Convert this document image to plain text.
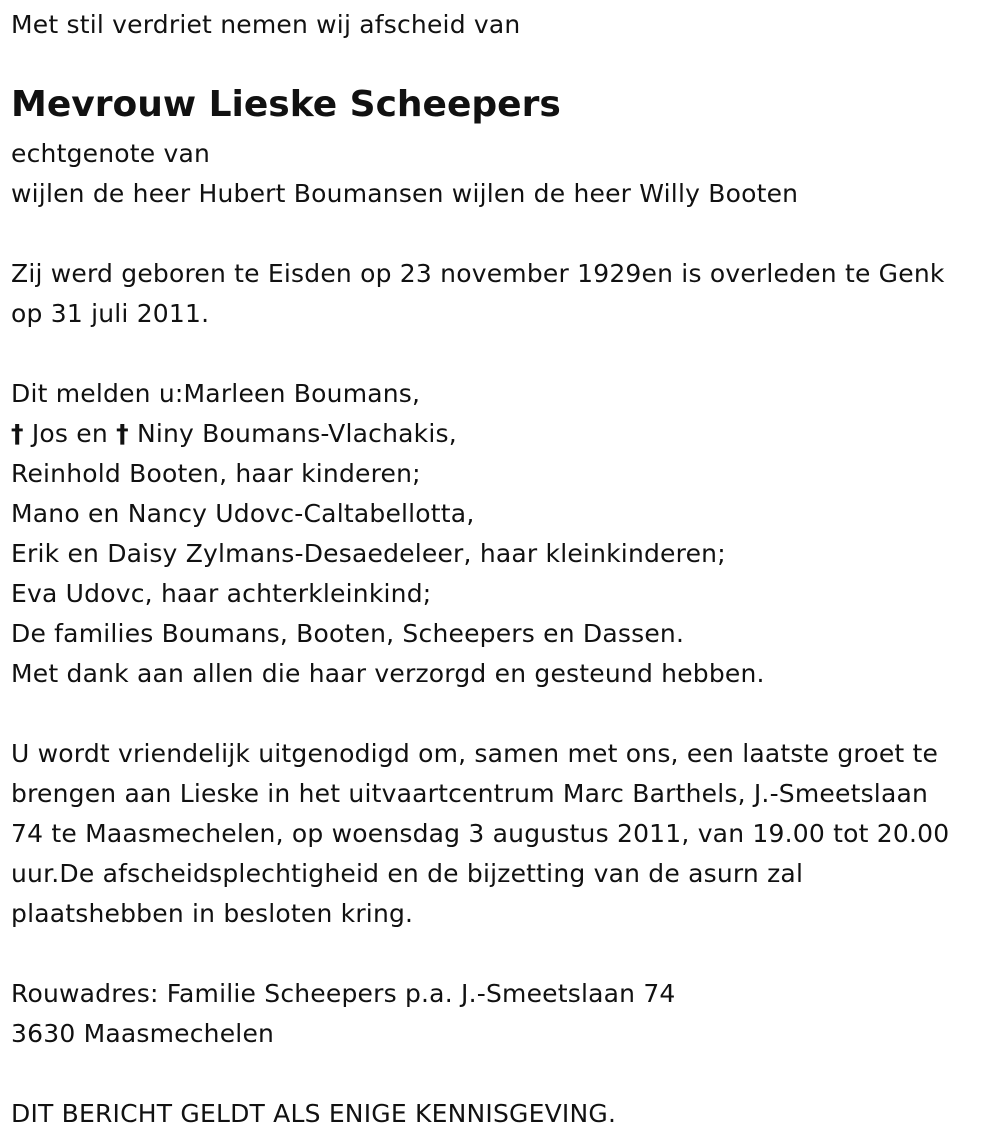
Met stil verdriet nemen wij afscheid van
Mevrouw Lieske Scheepers
echtgenote van
wijlen de heer Hubert Boumansen wijlen de heer Willy Booten
Zij werd geboren te Eisden op 23 november 1929en is overleden te Genk
op 31 juli 2011.
Dit melden u:Marleen Boumans,
† Jos en † Niny Boumans-Vlachakis,
Reinhold Booten, haar kinderen;
Mano en Nancy Udovc-Caltabellotta,
Erik en Daisy Zylmans-Desaedeleer, haar kleinkinderen;
Eva Udovc, haar achterkleinkind;
De families Boumans, Booten, Scheepers en Dassen.
Met dank aan allen die haar verzorgd en gesteund hebben.
U wordt vriendelijk uitgenodigd om, samen met ons, een laatste groet te
brengen aan Lieske in het uitvaartcentrum Marc Barthels, J.-Smeetslaan
74 te Maasmechelen, op woensdag 3 augustus 2011, van 19.00 tot 20.00
uur.De afscheidsplechtigheid en de bijzetting van de asurn zal
plaatshebben in besloten kring.
Rouwadres: Familie Scheepers p.a. J.-Smeetslaan 74
3630 Maasmechelen
DIT BERICHT GELDT ALS ENIGE KENNISGEVING.
